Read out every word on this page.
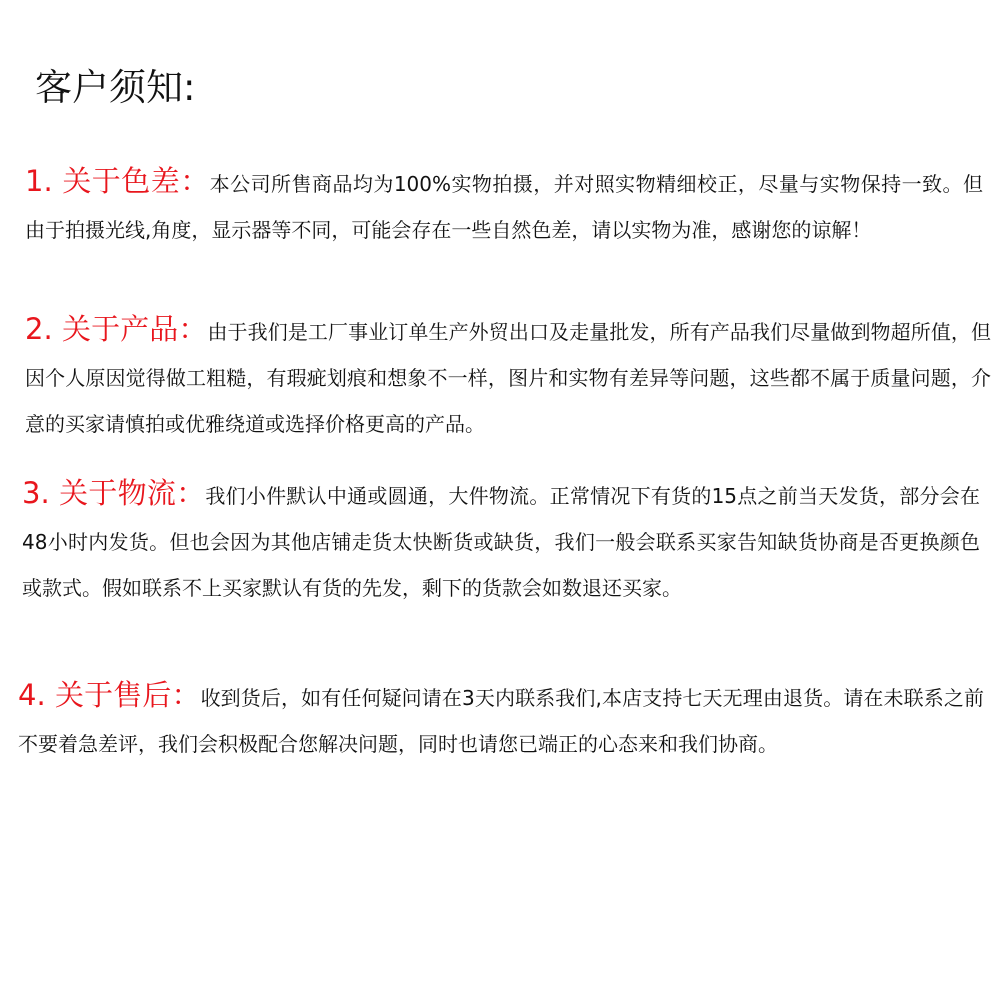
客户须知:

1. 关于色差：本公司所售商品均为100%实物拍摄，并对照实物精细校正，尽量与实物保持一致。但由于拍摄光线,角度，显示器等不同，可能会存在一些自然色差，请以实物为准，感谢您的谅解！

2. 关于产品：由于我们是工厂事业订单生产外贸出口及走量批发，所有产品我们尽量做到物超所值，但因个人原因觉得做工粗糙，有瑕疵划痕和想象不一样，图片和实物有差异等问题，这些都不属于质量问题，介意的买家请慎拍或优雅绕道或选择价格更高的产品。

3. 关于物流：我们小件默认中通或圆通，大件物流。正常情况下有货的15点之前当天发货，部分会在48小时内发货。但也会因为其他店铺走货太快断货或缺货，我们一般会联系买家告知缺货协商是否更换颜色或款式。假如联系不上买家默认有货的先发，剩下的货款会如数退还买家。

4. 关于售后：收到货后，如有任何疑问请在3天内联系我们,本店支持七天无理由退货。请在未联系之前不要着急差评，我们会积极配合您解决问题，同时也请您已端正的心态来和我们协商。
